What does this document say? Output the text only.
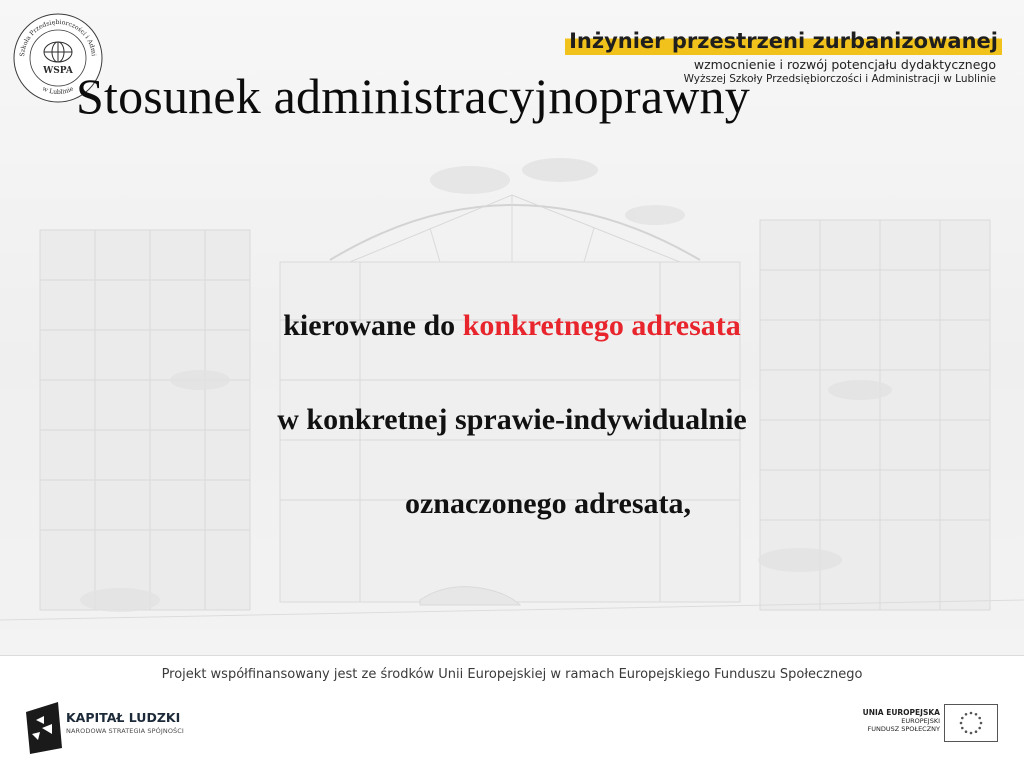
Szkoła Przedsiębiorczości i Admi
w Lublinie
WSPA
Inżynier przestrzeni zurbanizowanej
wzmocnienie i rozwój potencjału dydaktycznego
Wyższej Szkoły Przedsiębiorczości i Administracji w Lublinie
Stosunek administracyjnoprawny
kierowane do konkretnego adresata
w konkretnej sprawie-indywidualnie
oznaczonego adresata,
Projekt współfinansowany jest ze środków Unii Europejskiej w ramach Europejskiego Funduszu Społecznego
KAPITAŁ LUDZKI
NARODOWA STRATEGIA SPÓJNOŚCI
UNIA EUROPEJSKA
EUROPEJSKI
FUNDUSZ SPOŁECZNY
